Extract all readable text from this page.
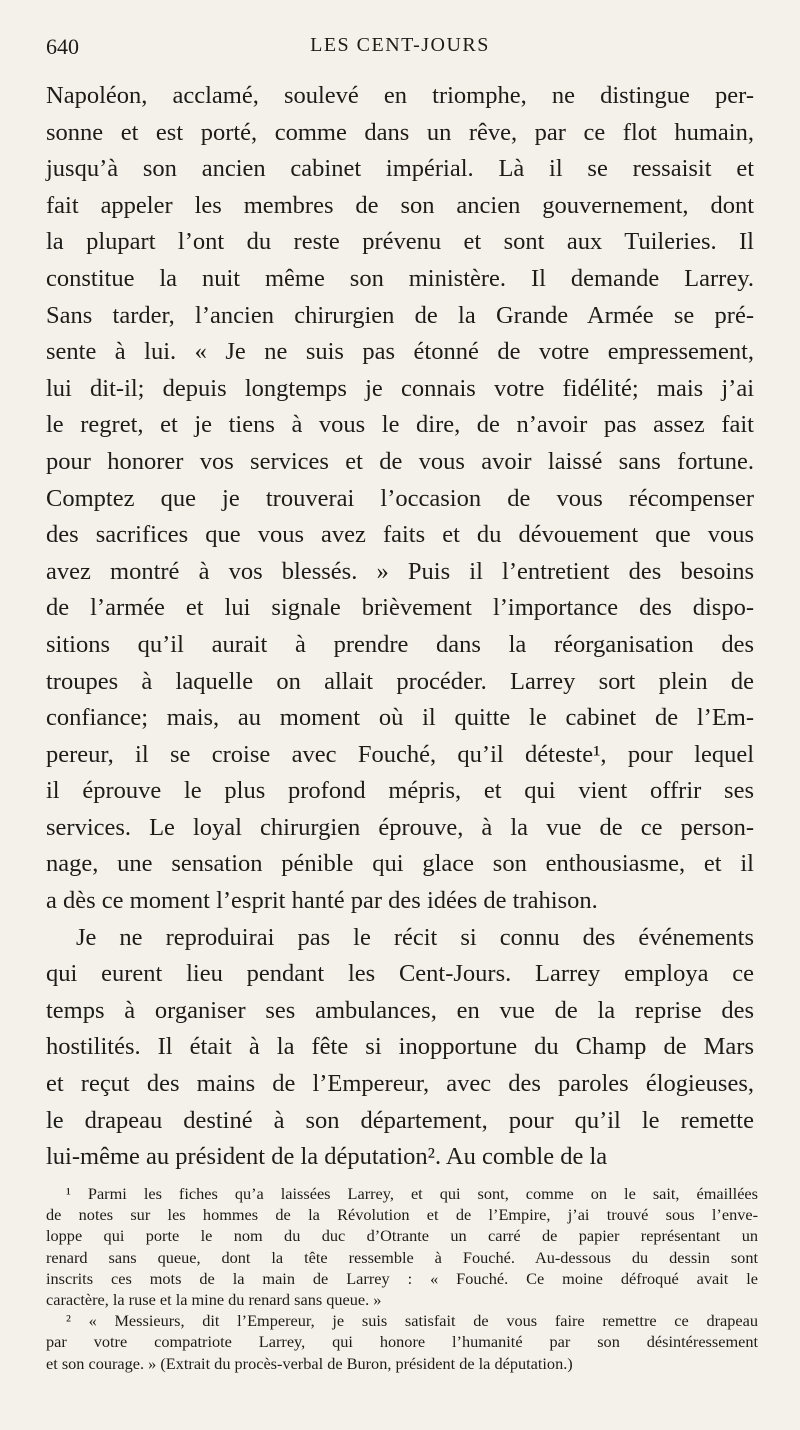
640	LES CENT-JOURS
Napoléon, acclamé, soulevé en triomphe, ne distingue per-
sonne et est porté, comme dans un rêve, par ce flot humain,
jusqu’à son ancien cabinet impérial. Là il se ressaisit et
fait appeler les membres de son ancien gouvernement, dont
la plupart l’ont du reste prévenu et sont aux Tuileries. Il
constitue la nuit même son ministère. Il demande Larrey.
Sans tarder, l’ancien chirurgien de la Grande Armée se pré-
sente à lui. « Je ne suis pas étonné de votre empressement,
lui dit-il; depuis longtemps je connais votre fidélité; mais j’ai
le regret, et je tiens à vous le dire, de n’avoir pas assez fait
pour honorer vos services et de vous avoir laissé sans fortune.
Comptez que je trouverai l’occasion de vous récompenser
des sacrifices que vous avez faits et du dévouement que vous
avez montré à vos blessés. » Puis il l’entretient des besoins
de l’armée et lui signale brièvement l’importance des dispo-
sitions qu’il aurait à prendre dans la réorganisation des
troupes à laquelle on allait procéder. Larrey sort plein de
confiance; mais, au moment où il quitte le cabinet de l’Em-
pereur, il se croise avec Fouché, qu’il déteste¹, pour lequel
il éprouve le plus profond mépris, et qui vient offrir ses
services. Le loyal chirurgien éprouve, à la vue de ce person-
nage, une sensation pénible qui glace son enthousiasme, et il
a dès ce moment l’esprit hanté par des idées de trahison.
Je ne reproduirai pas le récit si connu des événements
qui eurent lieu pendant les Cent-Jours. Larrey employa ce
temps à organiser ses ambulances, en vue de la reprise des
hostilités. Il était à la fête si inopportune du Champ de Mars
et reçut des mains de l’Empereur, avec des paroles élogieuses,
le drapeau destiné à son département, pour qu’il le remette
lui-même au président de la députation². Au comble de la
¹ Parmi les fiches qu’a laissées Larrey, et qui sont, comme on le sait, émaillées
de notes sur les hommes de la Révolution et de l’Empire, j’ai trouvé sous l’enve-
loppe qui porte le nom du duc d’Otrante un carré de papier représentant un
renard sans queue, dont la tête ressemble à Fouché. Au-dessous du dessin sont
inscrits ces mots de la main de Larrey : « Fouché. Ce moine défroqué avait le
caractère, la ruse et la mine du renard sans queue. »
² « Messieurs, dit l’Empereur, je suis satisfait de vous faire remettre ce drapeau
par votre compatriote Larrey, qui honore l’humanité par son désintéressement
et son courage. » (Extrait du procès-verbal de Buron, président de la députation.)
